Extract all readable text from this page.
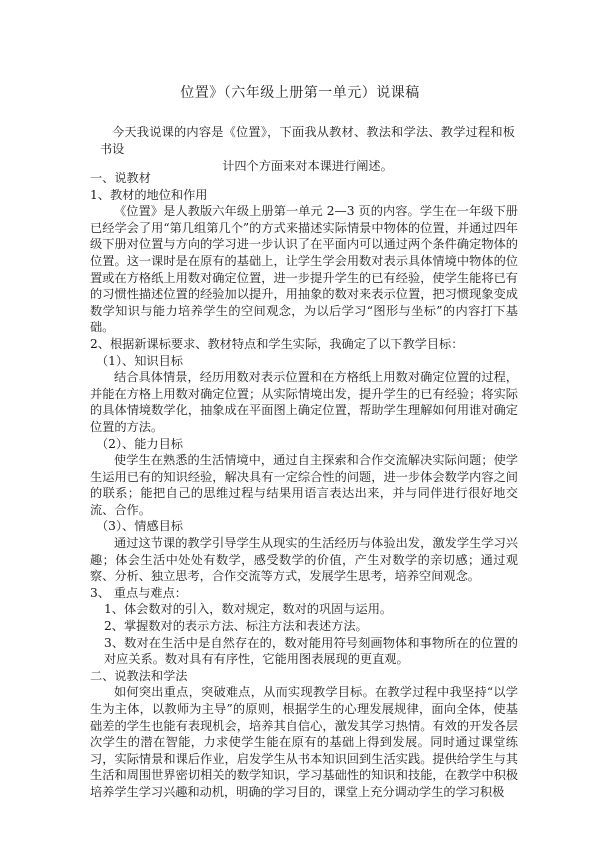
位置》（六年级上册第一单元）说课稿
今天我说课的内容是《位置》，下面我从教材、教法和学法、教学过程和板书设
计四个方面来对本课进行阐述。

一、说教材

1、教材的地位和作用

《位置》是人教版六年级上册第一单元 2—3 页的内容。学生在一年级下册已经学会了用“第几组第几个”的方式来描述实际情景中物体的位置，并通过四年级下册对位置与方向的学习进一步认识了在平面内可以通过两个条件确定物体的位置。这一课时是在原有的基础上，让学生学会用数对表示具体情境中物体的位置或在方格纸上用数对确定位置，进一步提升学生的已有经验，使学生能将已有的习惯性描述位置的经验加以提升，用抽象的数对来表示位置，把习惯现象变成数学知识与能力培养学生的空间观念，为以后学习“图形与坐标”的内容打下基础。

2、根据新课标要求、教材特点和学生实际，我确定了以下教学目标：

（1）、知识目标

结合具体情景，经历用数对表示位置和在方格纸上用数对确定位置的过程，并能在方格上用数对确定位置；从实际情境出发，提升学生的已有经验；将实际的具体情境数学化，抽象成在平面图上确定位置，帮助学生理解如何用谁对确定位置的方法。

（2）、能力目标

使学生在熟悉的生活情境中，通过自主探索和合作交流解决实际问题；使学生运用已有的知识经验，解决具有一定综合性的问题，进一步体会数学内容之间的联系；能把自己的思维过程与结果用语言表达出来，并与同伴进行很好地交流、合作。

（3）、情感目标

通过这节课的教学引导学生从现实的生活经历与体验出发，激发学生学习兴趣；体会生活中处处有数学，感受数学的价值，产生对数学的亲切感；通过观察、分析、独立思考，合作交流等方式，发展学生思考，培养空间观念。

3、 重点与难点：

1、体会数对的引入，数对规定，数对的巩固与运用。

2、掌握数对的表示方法、标注方法和表述方法。

3、数对在生活中是自然存在的，数对能用符号刻画物体和事物所在的位置的对应关系。数对具有有序性，它能用图表展现的更直观。

二、说教法和学法

如何突出重点，突破难点，从而实现教学目标。在教学过程中我坚持“以学生为主体，以教师为主导”的原则，根据学生的心理发展规律，面向全体，使基础差的学生也能有表现机会，培养其自信心，激发其学习热情。有效的开发各层次学生的潜在智能，力求使学生能在原有的基础上得到发展。同时通过课堂练习，实际情景和课后作业，启发学生从书本知识回到生活实践。提供给学生与其生活和周围世界密切相关的数学知识，学习基础性的知识和技能，在教学中积极培养学生学习兴趣和动机，明确的学习目的，课堂上充分调动学生的学习积极
